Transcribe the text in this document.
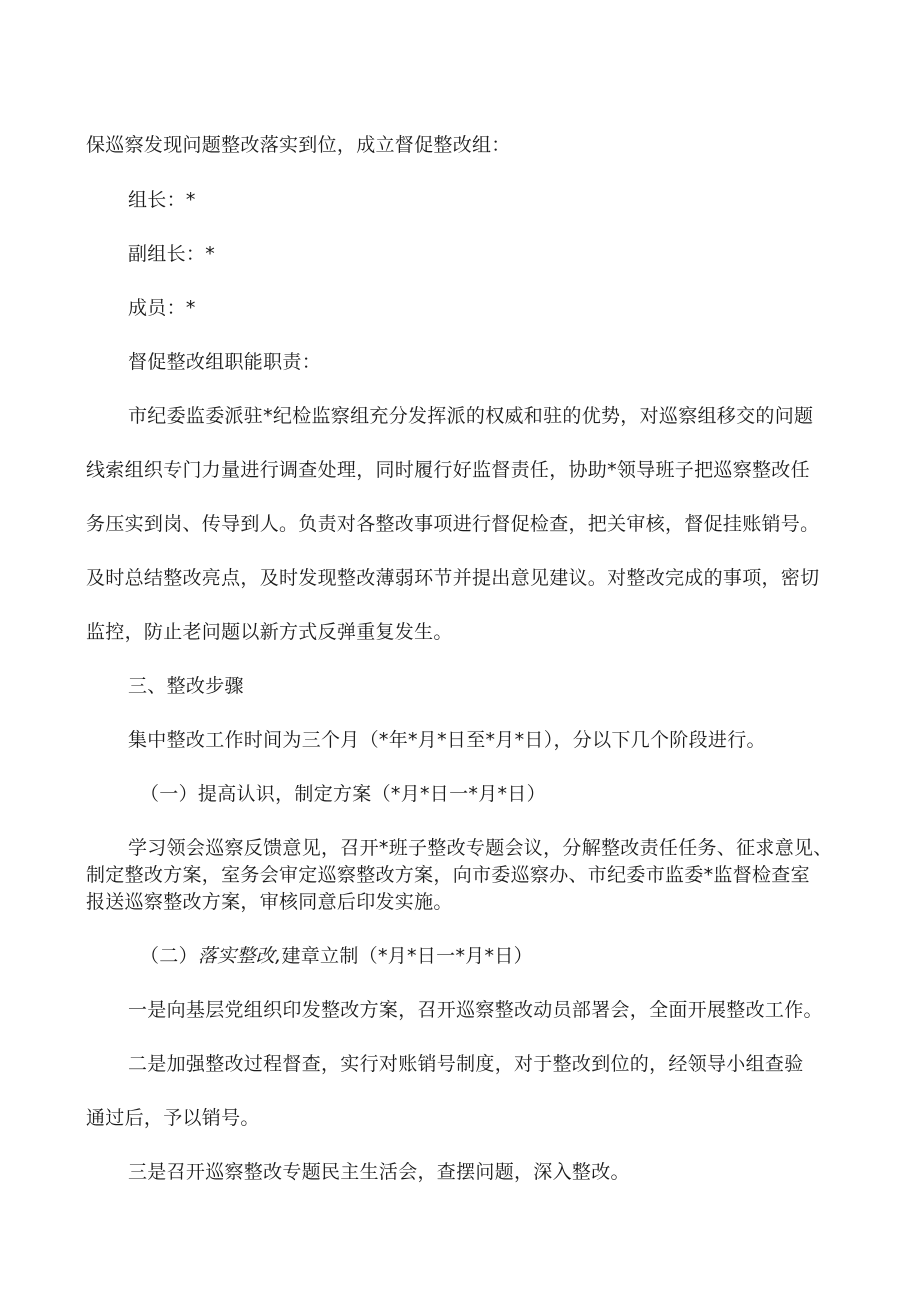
保巡察发现问题整改落实到位，成立督促整改组：
组长：*
副组长：*
成员：*
督促整改组职能职责：
市纪委监委派驻*纪检监察组充分发挥派的权威和驻的优势，对巡察组移交的问题
线索组织专门力量进行调查处理，同时履行好监督责任，协助*领导班子把巡察整改任
务压实到岗、传导到人。负责对各整改事项进行督促检查，把关审核，督促挂账销号。
及时总结整改亮点，及时发现整改薄弱环节并提出意见建议。对整改完成的事项，密切
监控，防止老问题以新方式反弹重复发生。
三、整改步骤
集中整改工作时间为三个月（*年*月*日至*月*日），分以下几个阶段进行。
（一）提高认识，制定方案（*月*日一*月*日）
学习领会巡察反馈意见，召开*班子整改专题会议，分解整改责任任务、征求意见、
制定整改方案，室务会审定巡察整改方案，向市委巡察办、市纪委市监委*监督检查室
报送巡察整改方案，审核同意后印发实施。
（二）落实整改,建章立制（*月*日一*月*日）
一是向基层党组织印发整改方案，召开巡察整改动员部署会，全面开展整改工作。
二是加强整改过程督查，实行对账销号制度，对于整改到位的，经领导小组查验
通过后，予以销号。
三是召开巡察整改专题民主生活会，查摆问题，深入整改。
